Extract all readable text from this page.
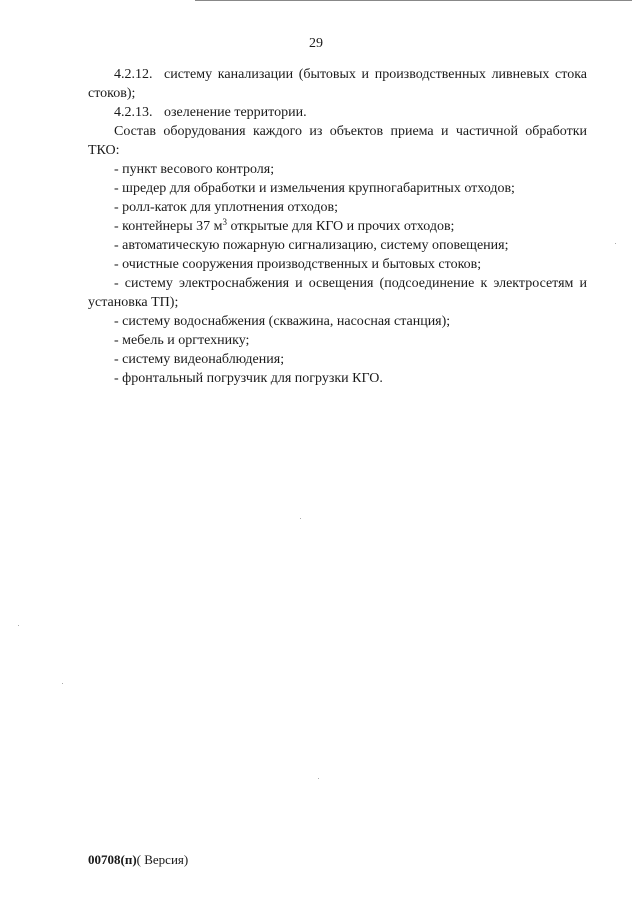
29

4.2.12. систему канализации (бытовых и производственных ливневых стока стоков);

4.2.13. озеленение территории.

Состав оборудования каждого из объектов приема и частичной обработки ТКО:

- пункт весового контроля;
- шредер для обработки и измельчения крупногабаритных отходов;
- ролл-каток для уплотнения отходов;
- контейнеры 37 $м^3$ открытые для КГО и прочих отходов;
- автоматическую пожарную сигнализацию, систему оповещения;
- очистные сооружения производственных и бытовых стоков;
- систему электроснабжения и освещения (подсоединение к электросетям и установка ТП);
- систему водоснабжения (скважина, насосная станция);
- мебель и оргтехнику;
- систему видеонаблюдения;
- фронтальный погрузчик для погрузки КГО.
00708(п)( Версия)
